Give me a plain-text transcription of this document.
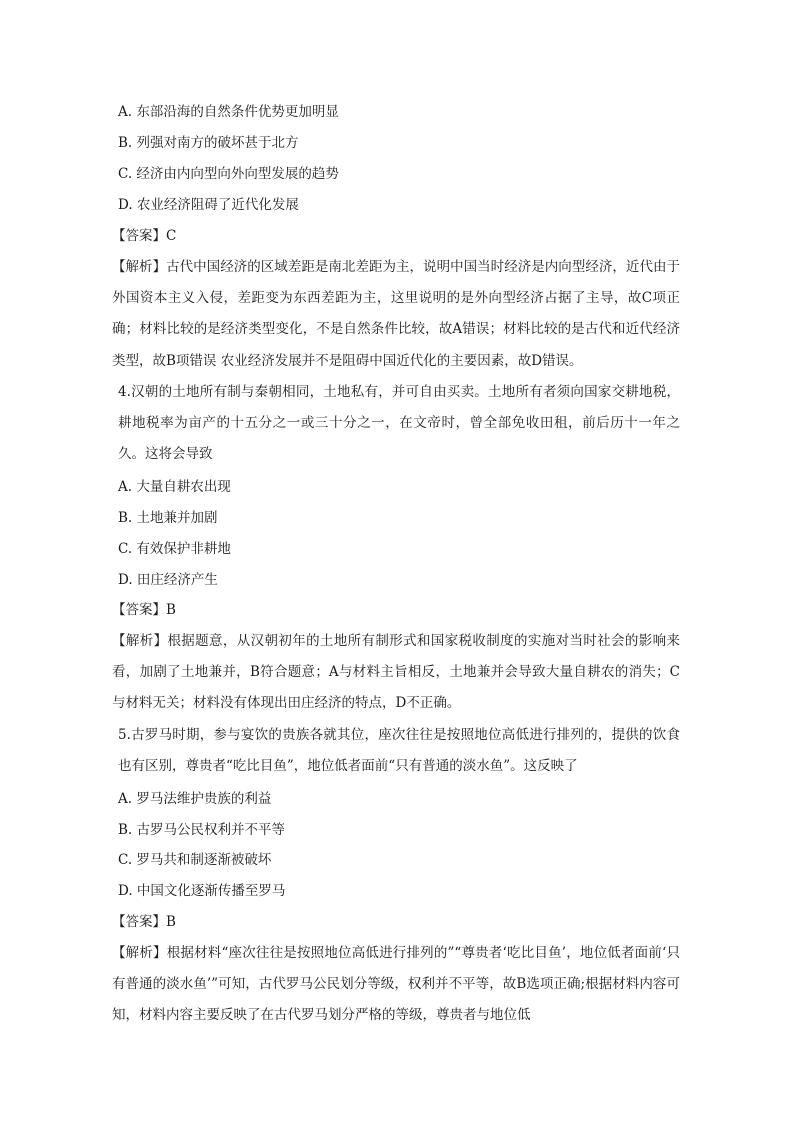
A. 东部沿海的自然条件优势更加明显
B. 列强对南方的破坏甚于北方
C. 经济由内向型向外向型发展的趋势
D. 农业经济阻碍了近代化发展
【答案】C
【解析】古代中国经济的区域差距是南北差距为主，说明中国当时经济是内向型经济，近代由于外国资本主义入侵，差距变为东西差距为主，这里说明的是外向型经济占据了主导，故C项正确；材料比较的是经济类型变化，不是自然条件比较，故A错误；材料比较的是古代和近代经济类型，故B项错误 农业经济发展并不是阻碍中国近代化的主要因素，故D错误。
4.汉朝的土地所有制与秦朝相同，土地私有，并可自由买卖。土地所有者须向国家交耕地税，耕地税率为亩产的十五分之一或三十分之一，在文帝时，曾全部免收田租，前后历十一年之久。这将会导致
A. 大量自耕农出现
B. 土地兼并加剧
C. 有效保护非耕地
D. 田庄经济产生
【答案】B
【解析】根据题意，从汉朝初年的土地所有制形式和国家税收制度的实施对当时社会的影响来看，加剧了土地兼并，B符合题意；A与材料主旨相反，土地兼并会导致大量自耕农的消失；C与材料无关；材料没有体现出田庄经济的特点，D不正确。
5.古罗马时期，参与宴饮的贵族各就其位，座次往往是按照地位高低进行排列的，提供的饮食也有区别，尊贵者“吃比目鱼”，地位低者面前“只有普通的淡水鱼”。这反映了
A. 罗马法维护贵族的利益
B. 古罗马公民权利并不平等
C. 罗马共和制逐渐被破坏
D. 中国文化逐渐传播至罗马
【答案】B
【解析】根据材料“座次往往是按照地位高低进行排列的”“尊贵者‘吃比目鱼’，地位低者面前‘只有普通的淡水鱼’”可知，古代罗马公民划分等级，权利并不平等，故B选项正确;根据材料内容可知，材料内容主要反映了在古代罗马划分严格的等级，尊贵者与地位低
